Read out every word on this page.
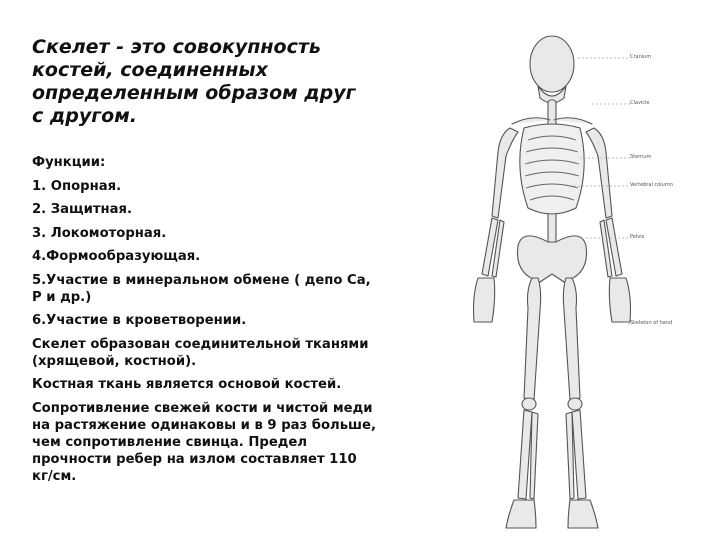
Скелет - это совокупность костей, соединенных определенным образом друг с другом.

Функции:

1. Опорная.

2. Защитная.

3. Локомоторная.

4.Формообразующая.

5.Участие в минеральном обмене ( депо Са, Р и др.)

6.Участие в кроветворении.

Скелет образован соединительной тканями (хрящевой, костной).

Костная ткань является основой костей.

Сопротивление свежей кости и чистой меди на растяжение одинаковы и в 9 раз больше, чем сопротивление свинца. Предел прочности ребер на излом составляет 110 кг/см.

Cranium
Clavicle
Sternum
Vertebral column
Pelvis
Skeleton of hand
